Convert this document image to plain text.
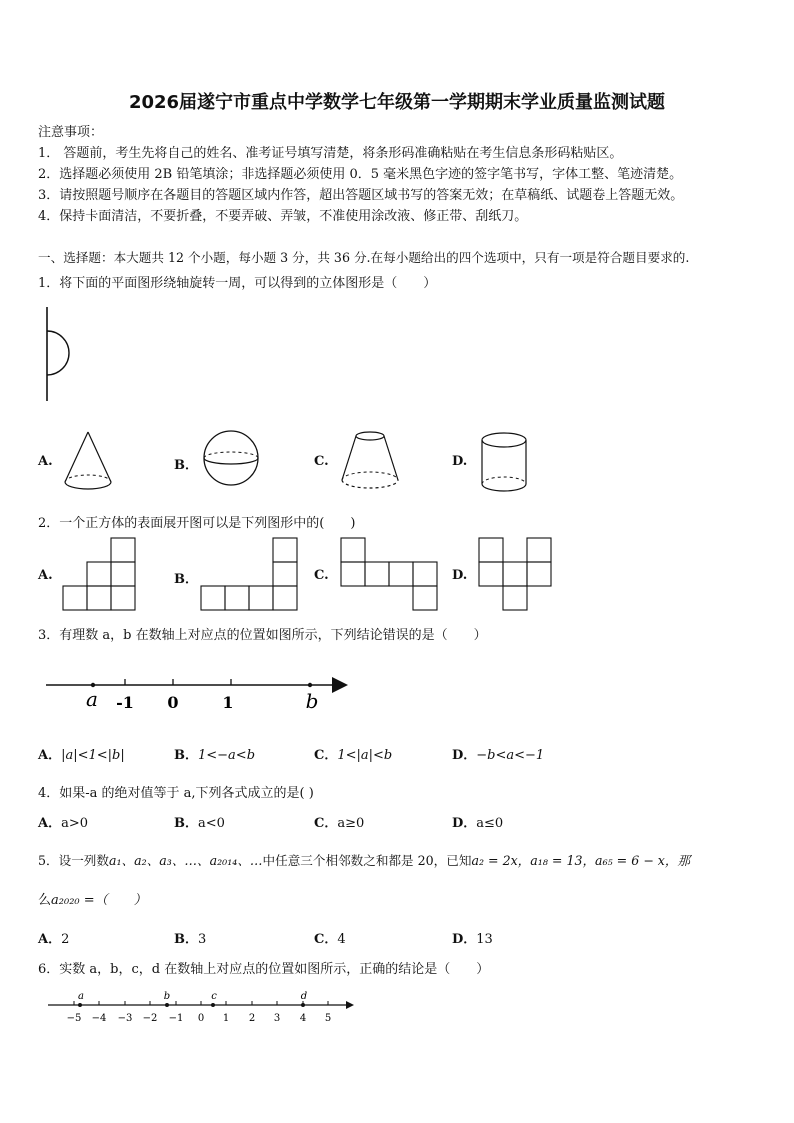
2026届遂宁市重点中学数学七年级第一学期期末学业质量监测试题
注意事项：
1． 答题前，考生先将自己的姓名、准考证号填写清楚，将条形码准确粘贴在考生信息条形码粘贴区。
2．选择题必须使用 2B 铅笔填涂；非选择题必须使用 0．5 毫米黑色字迹的签字笔书写，字体工整、笔迹清楚。
3．请按照题号顺序在各题目的答题区域内作答，超出答题区域书写的答案无效；在草稿纸、试题卷上答题无效。
4．保持卡面清洁，不要折叠，不要弄破、弄皱，不准使用涂改液、修正带、刮纸刀。
一、选择题：本大题共 12 个小题，每小题 3 分，共 36 分.在每小题给出的四个选项中，只有一项是符合题目要求的.
1．将下面的平面图形绕轴旋转一周，可以得到的立体图形是（　　）
A.	B．	C.	D.
2．一个正方体的表面展开图可以是下列图形中的(　　)
A.	B．	C.	D.
3．有理数 a，b 在数轴上对应点的位置如图所示，下列结论错误的是（　　）
a -1 0	1	b
A．|a|<1<|b|	B．1<−a<b	C．1<|a|<b	D．−b<a<−1
4．如果-a 的绝对值等于 a,下列各式成立的是( )
A．a>0	B．a<0	C．a≥0	D．a≤0
5．设一列数a₁、a₂、a₃、…、a₂₀₁₄、…中任意三个相邻数之和都是 20，已知a₂ = 2x，a₁₈ = 13，a₆₅ = 6 − x，那
么a₂₀₂₀ =（　　）
A．2	B．3	C．4	D．13
6．实数 a，b，c，d 在数轴上对应点的位置如图所示，正确的结论是（　　）
a	b	c	d
−5 −4 −3 −2 −1 0 1 2 3 4 5
